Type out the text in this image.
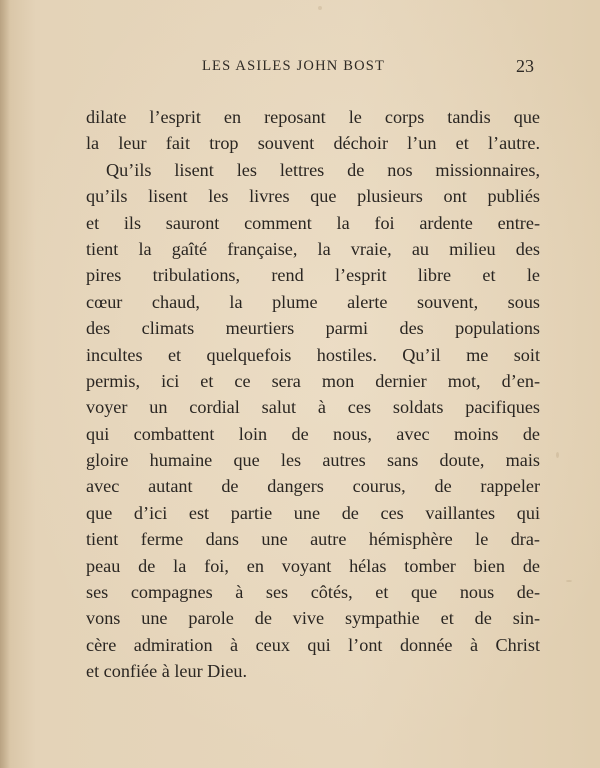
LES ASILES JOHN BOST	23
dilate l’esprit en reposant le corps tandis que
la leur fait trop souvent déchoir l’un et l’autre.
Qu’ils lisent les lettres de nos missionnaires,
qu’ils lisent les livres que plusieurs ont publiés
et ils sauront comment la foi ardente entre-
tient la gaîté française, la vraie, au milieu des
pires tribulations, rend l’esprit libre et le
cœur chaud, la plume alerte souvent, sous
des climats meurtiers parmi des populations
incultes et quelquefois hostiles. Qu’il me soit
permis, ici et ce sera mon dernier mot, d’en-
voyer un cordial salut à ces soldats pacifiques
qui combattent loin de nous, avec moins de
gloire humaine que les autres sans doute, mais
avec autant de dangers courus, de rappeler
que d’ici est partie une de ces vaillantes qui
tient ferme dans une autre hémisphère le dra-
peau de la foi, en voyant hélas tomber bien de
ses compagnes à ses côtés, et que nous de-
vons une parole de vive sympathie et de sin-
cère admiration à ceux qui l’ont donnée à Christ
et confiée à leur Dieu.
